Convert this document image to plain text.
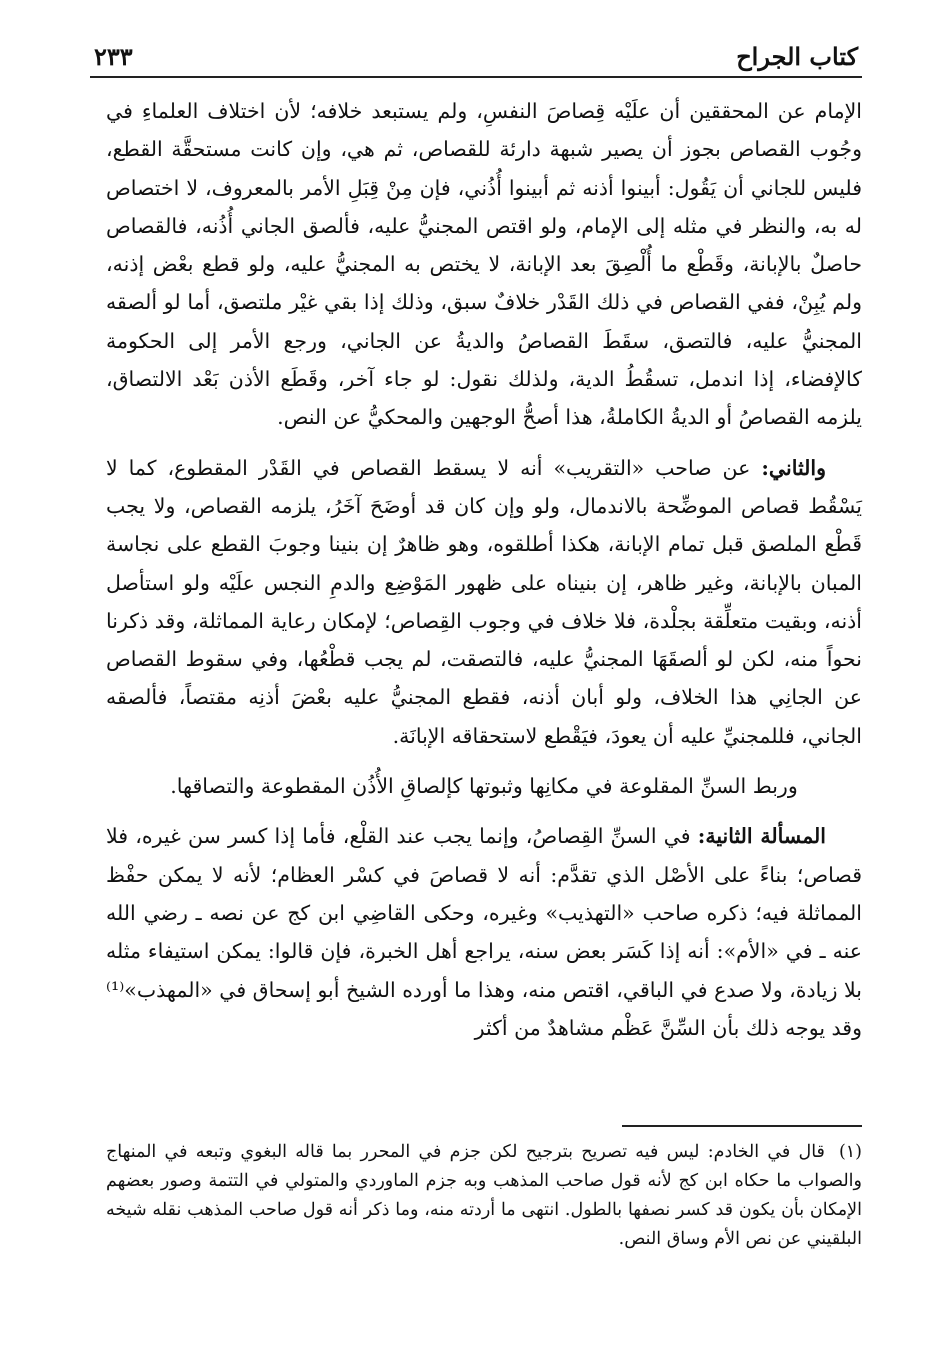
كتاب الجراح
٢٣٣

الإمام عن المحققين أن علَيْه قِصاصَ النفسِ، ولم يستبعد خلافه؛ لأن اختلاف العلماءِ في وجُوب القصاص بجوز أن يصير شبهة دارئة للقصاص، ثم هي، وإن كانت مستحقَّة القطع، فليس للجاني أن يَقُول: أبينوا أذنه ثم أبينوا أُذُني، فإن مِنْ قِبَلِ الأمر بالمعروف، لا اختصاص له به، والنظر في مثله إلى الإمام، ولو اقتص المجنيُّ عليه، فألصق الجاني أُذُنه، فالقصاص حاصلٌ بالإبانة، وقَطْع ما أُلْصِقَ بعد الإبانة، لا يختص به المجنيُّ عليه، ولو قطع بعْض إذنه، ولم يُبِنْ، ففي القصاص في ذلك القَدْر خلافٌ سبق، وذلك إذا بقي غيْر ملتصق، أما لو ألصقه المجنيُّ عليه، فالتصق، سقَطَ القصاصُ والديةُ عن الجاني، ورجع الأمر إلى الحكومة كالإفضاء، إذا اندمل، تسقُطُ الدية، ولذلك نقول: لو جاء آخر، وقَطَع الأذن بَعْد الالتصاق، يلزمه القصاصُ أو الديةُ الكاملةُ، هذا أصحُّ الوجهين والمحكيُّ عن النص.

والثاني: عن صاحب «التقريب» أنه لا يسقط القصاص في القَدْر المقطوع، كما لا يَسْقُط قصاص الموضِّحة بالاندمال، ولو وإن كان قد أوضَحَ آخَرُ، يلزمه القصاص، ولا يجب قَطْع الملصق قبل تمام الإبانة، هكذا أطلقوه، وهو ظاهرٌ إن بنينا وجوبَ القطع على نجاسة المبان بالإبانة، وغير ظاهر، إن بنيناه على ظهور المَوْضِع والدمِ النجس علَيْه ولو استأصل أذنه، وبقيت متعلِّقة بجلْدة، فلا خلاف في وجوب القِصاص؛ لإمكان رعاية المماثلة، وقد ذكرنا نحواً منه، لكن لو ألصقَهَا المجنيُّ عليه، فالتصقت، لم يجب قطْعُها، وفي سقوط القصاص عن الجانِي هذا الخلاف، ولو أبان أذنه، فقطع المجنيُّ عليه بعْضَ أذنِه مقتصاً، فألصقه الجاني، فللمجنيِّ عليه أن يعودَ، فيَقْطع لاستحقاقه الإبانَة.

وربط السنِّ المقلوعة في مكانِها وثبوتها كإلصاقِ الأُذُن المقطوعة والتصاقها.

المسألة الثانية: في السنِّ القِصاصُ، وإنما يجب عند القلْع، فأما إذا كسر سن غيره، فلا قصاص؛ بناءً على الأصْل الذي تقدَّم: أنه لا قصاصَ في كسْر العظام؛ لأنه لا يمكن حفْظ المماثلة فيه؛ ذكره صاحب «التهذيب» وغيره، وحكى القاضِي ابن كج عن نصه ـ رضي الله عنه ـ في «الأم»: أنه إذا كَسَر بعض سنه، يراجع أهل الخبرة، فإن قالوا: يمكن استيفاء مثله بلا زيادة، ولا صدع في الباقي، اقتص منه، وهذا ما أورده الشيخ أبو إسحاق في «المهذب»⁽¹⁾ وقد يوجه ذلك بأن السِّنَّ عَظْم مشاهدٌ من أكثر

(١)قال في الخادم: ليس فيه تصريح بترجيح لكن جزم في المحرر بما قاله البغوي وتبعه في المنهاج والصواب ما حكاه ابن كج لأنه قول صاحب المذهب وبه جزم الماوردي والمتولي في التتمة وصور بعضهم الإمكان بأن يكون قد كسر نصفها بالطول. انتهى ما أردته منه، وما ذكر أنه قول صاحب المذهب نقله شيخه البلقيني عن نص الأم وساق النص.
